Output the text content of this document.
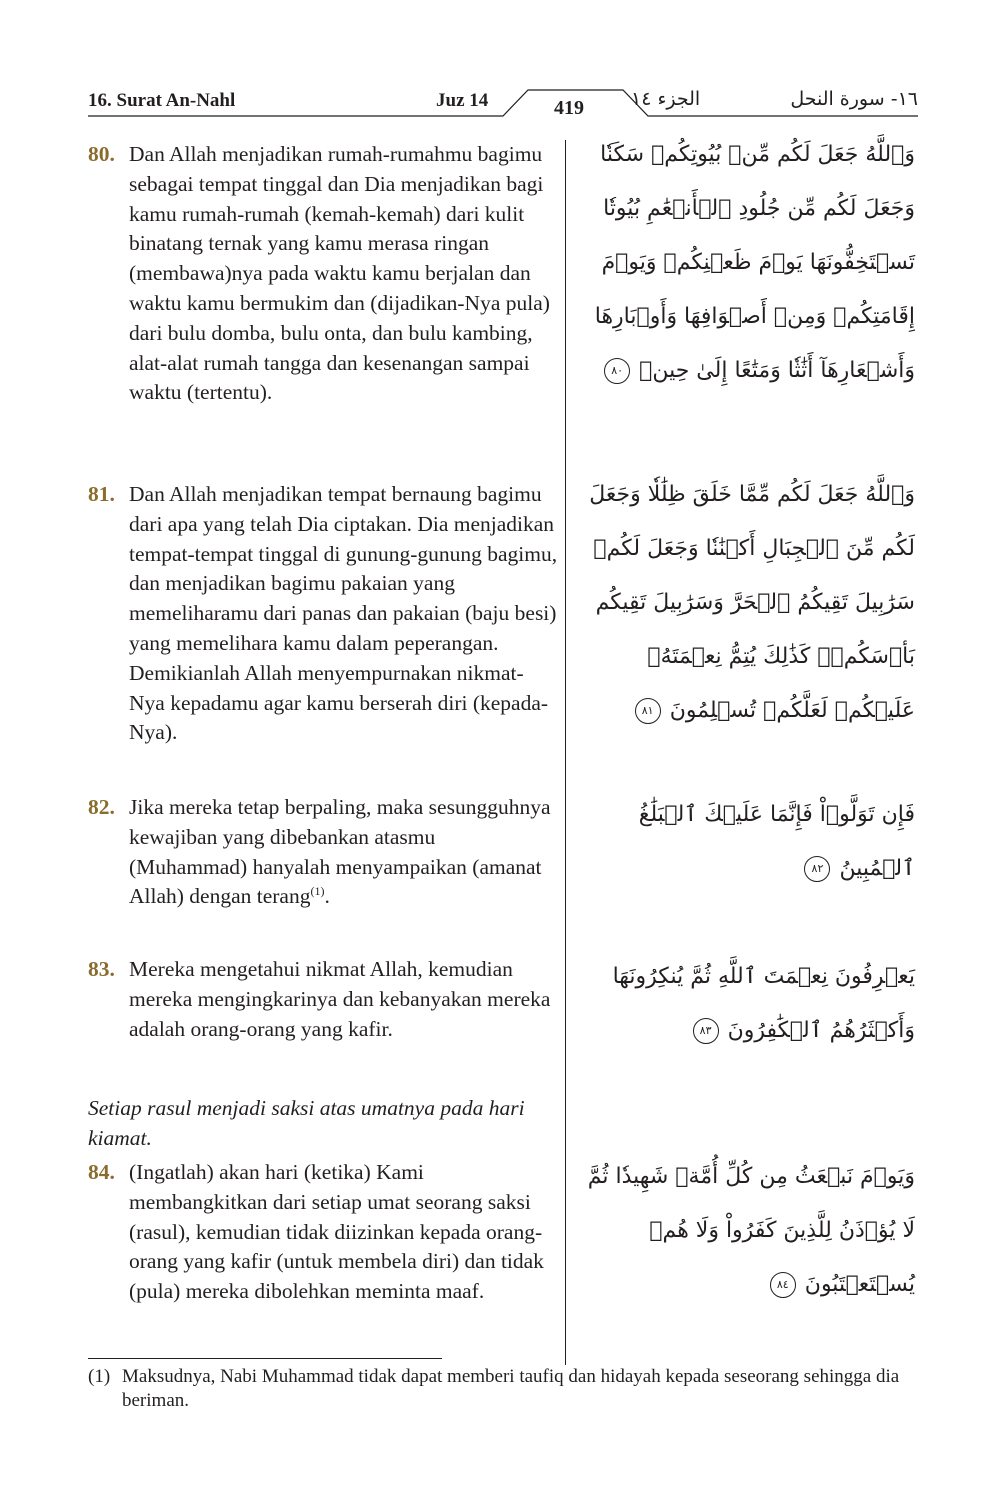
16. Surat An-Nahl	Juz 14	419	الجزء ١٤	١٦- سورة النحل
80. Dan Allah menjadikan rumah-rumahmu bagimu sebagai tempat tinggal dan Dia menjadikan bagi kamu rumah-rumah (kemah-kemah) dari kulit binatang ternak yang kamu merasa ringan (membawa)nya pada waktu kamu berjalan dan waktu kamu bermukim dan (dijadikan-Nya pula) dari bulu domba, bulu onta, dan bulu kambing, alat-alat rumah tangga dan kesenangan sampai waktu (tertentu).
وَٱللَّهُ جَعَلَ لَكُم مِّنۢ بُيُوتِكُمۡ سَكَنٗا وَجَعَلَ لَكُم مِّن جُلُودِ ٱلۡأَنۡعَٰمِ بُيُوتٗا تَسۡتَخِفُّونَهَا يَوۡمَ ظَعۡنِكُمۡ وَيَوۡمَ إِقَامَتِكُمۡ وَمِنۡ أَصۡوَافِهَا وَأَوۡبَارِهَا وَأَشۡعَارِهَآ أَثَٰثٗا وَمَتَٰعًا إِلَىٰ حِينٖ ٨٠
81. Dan Allah menjadikan tempat bernaung bagimu dari apa yang telah Dia ciptakan. Dia menjadikan tempat-tempat tinggal di gunung-gunung bagimu, dan menjadikan bagimu pakaian yang memeliharamu dari panas dan pakaian (baju besi) yang memelihara kamu dalam peperangan. Demikianlah Allah menyempurnakan nikmat-Nya kepadamu agar kamu berserah diri (kepada-Nya).
وَٱللَّهُ جَعَلَ لَكُم مِّمَّا خَلَقَ ظِلَٰلٗا وَجَعَلَ لَكُم مِّنَ ٱلۡجِبَالِ أَكۡنَٰنٗا وَجَعَلَ لَكُمۡ سَرَٰبِيلَ تَقِيكُمُ ٱلۡحَرَّ وَسَرَٰبِيلَ تَقِيكُم بَأۡسَكُمۡۚ كَذَٰلِكَ يُتِمُّ نِعۡمَتَهُۥ عَلَيۡكُمۡ لَعَلَّكُمۡ تُسۡلِمُونَ ٨١
82. Jika mereka tetap berpaling, maka sesungguhnya kewajiban yang dibebankan atasmu (Muhammad) hanyalah menyampaikan (amanat Allah) dengan terang$^{(1)}$.
فَإِن تَوَلَّوۡاْ فَإِنَّمَا عَلَيۡكَ ٱلۡبَلَٰغُ ٱلۡمُبِينُ ٨٢
83. Mereka mengetahui nikmat Allah, kemudian mereka mengingkarinya dan kebanyakan mereka adalah orang-orang yang kafir.
يَعۡرِفُونَ نِعۡمَتَ ٱللَّهِ ثُمَّ يُنكِرُونَهَا وَأَكۡثَرُهُمُ ٱلۡكَٰفِرُونَ ٨٣
Setiap rasul menjadi saksi atas umatnya pada hari kiamat.
84. (Ingatlah) akan hari (ketika) Kami membangkitkan dari setiap umat seorang saksi (rasul), kemudian tidak diizinkan kepada orang-orang yang kafir (untuk membela diri) dan tidak (pula) mereka dibolehkan meminta maaf.
وَيَوۡمَ نَبۡعَثُ مِن كُلِّ أُمَّةٖ شَهِيدٗا ثُمَّ لَا يُؤۡذَنُ لِلَّذِينَ كَفَرُواْ وَلَا هُمۡ يُسۡتَعۡتَبُونَ ٨٤
(1) Maksudnya, Nabi Muhammad tidak dapat memberi taufiq dan hidayah kepada seseorang sehingga dia beriman.
